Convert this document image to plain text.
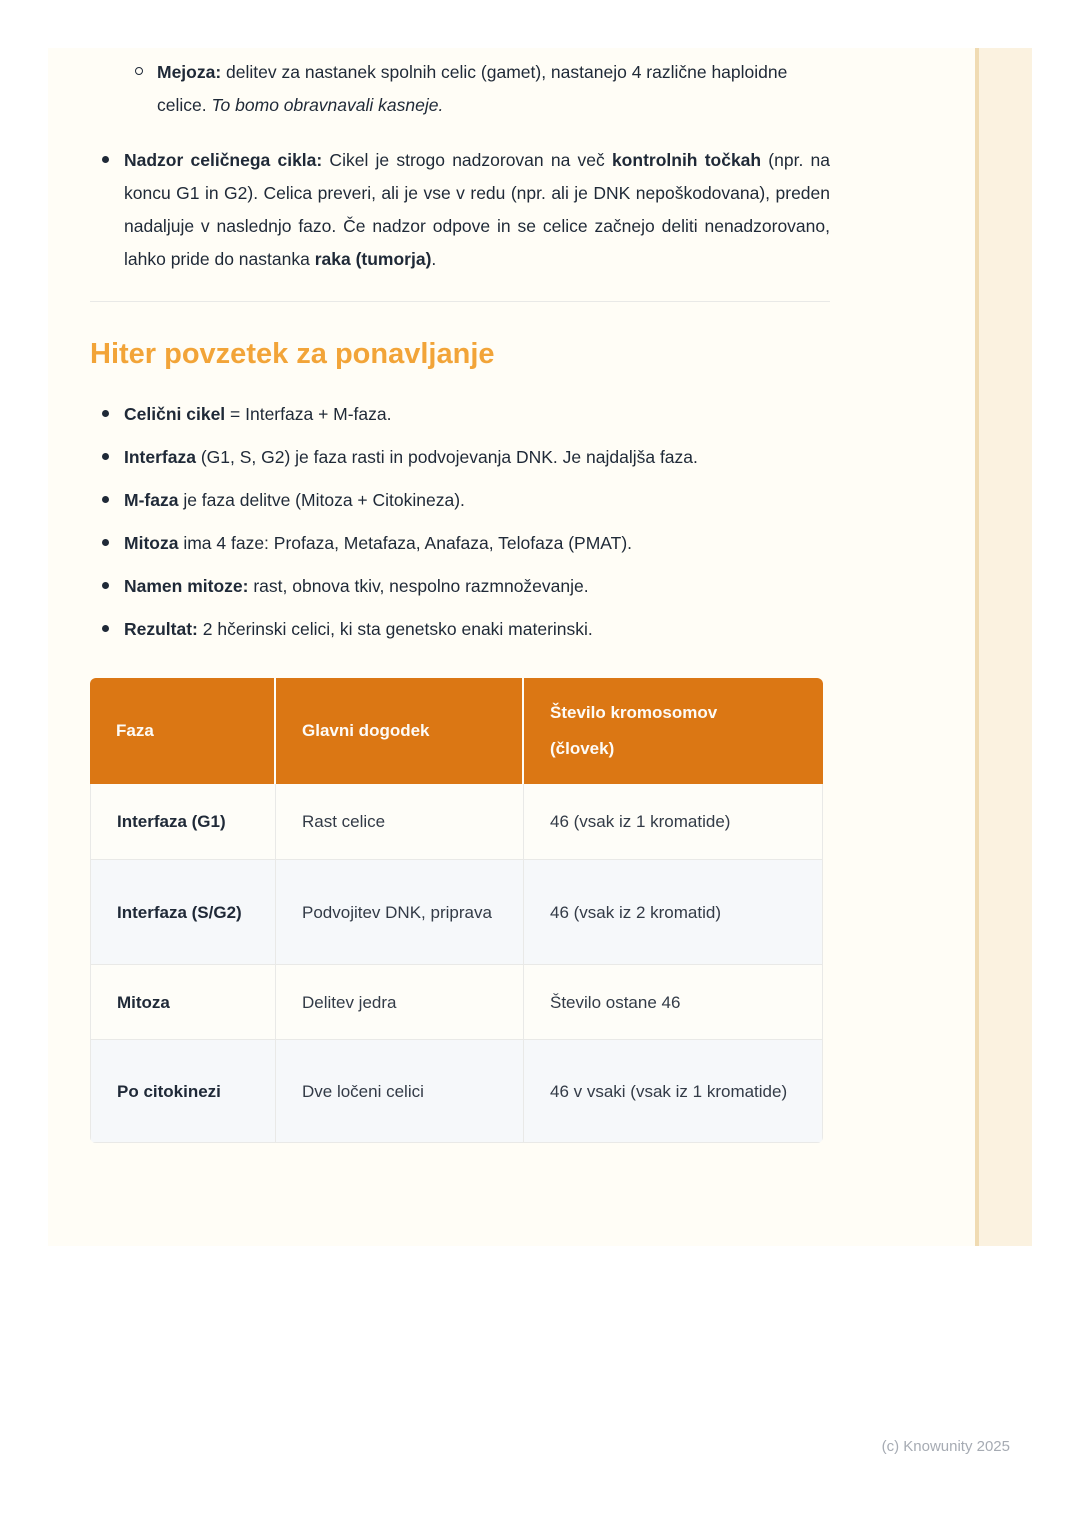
Mejoza: delitev za nastanek spolnih celic (gamet), nastanejo 4 različne haploidne celice. To bomo obravnavali kasneje.
Nadzor celičnega cikla: Cikel je strogo nadzorovan na več kontrolnih točkah (npr. na koncu G1 in G2). Celica preveri, ali je vse v redu (npr. ali je DNK nepoškodovana), preden nadaljuje v naslednjo fazo. Če nadzor odpove in se celice začnejo deliti nenadzorovano, lahko pride do nastanka raka (tumorja).
Hiter povzetek za ponavljanje
Celični cikel = Interfaza + M-faza.
Interfaza (G1, S, G2) je faza rasti in podvojevanja DNK. Je najdaljša faza.
M-faza je faza delitve (Mitoza + Citokineza).
Mitoza ima 4 faze: Profaza, Metafaza, Anafaza, Telofaza (PMAT).
Namen mitoze: rast, obnova tkiv, nespolno razmnoževanje.
Rezultat: 2 hčerinski celici, ki sta genetsko enaki materinski.
Faza	Glavni dogodek	Število kromosomov
(človek)

Interfaza (G1)	Rast celice	46 (vsak iz 1 kromatide)
Interfaza (S/G2)	Podvojitev DNK, priprava	46 (vsak iz 2 kromatid)
Mitoza	Delitev jedra	Število ostane 46
Po citokinezi	Dve ločeni celici	46 v vsaki (vsak iz 1 kromatide)
(c) Knowunity 2025
